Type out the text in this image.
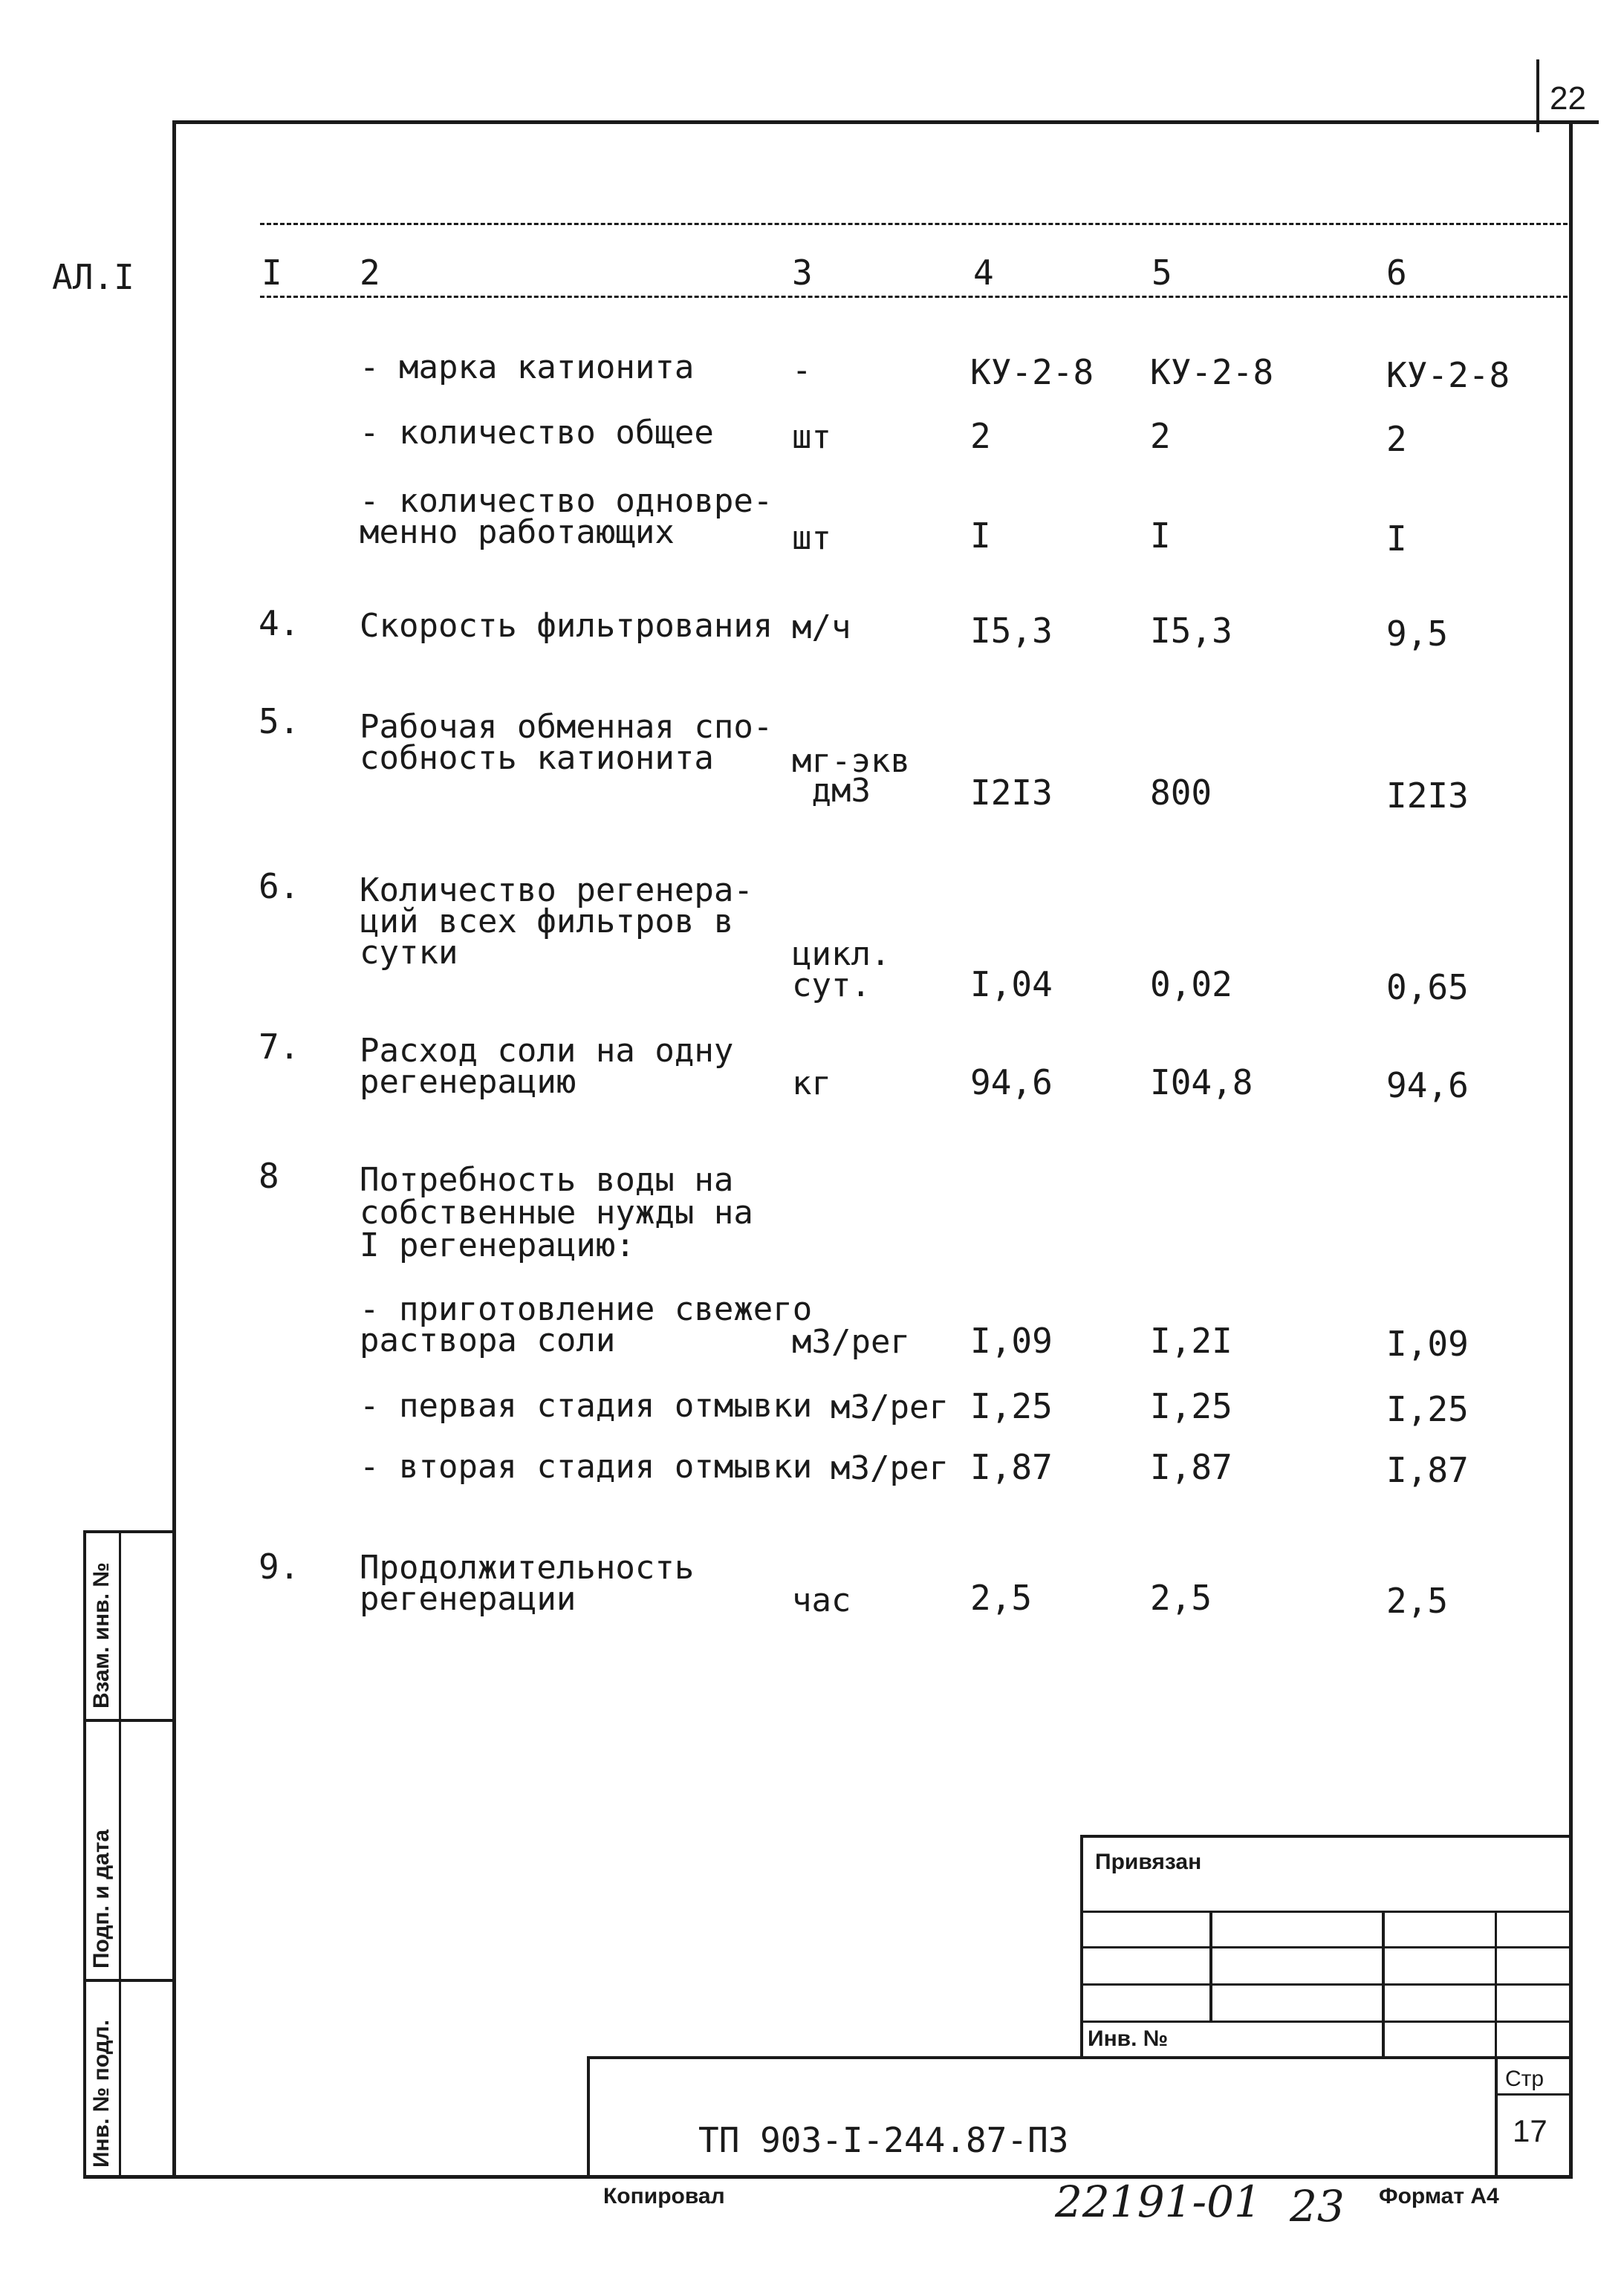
22
АЛ.I	I 2	3	4	5	6
- марка катионита	-	КУ-2-8 КУ-2-8	КУ-2-8
- количество общее шт	2	2	2
- количество одновре-
менно работающих	шт	I	I	I
4. Скорость фильтрования м/ч	I5,3	I5,3	9,5
5. Рабочая обменная спо-
собность катионита мг-экв
дм3	I2I3	800	I2I3
6. Количество регенера-
ций всех фильтров в
сутки	цикл.
сут.	I,04	0,02	0,65
7. Расход соли на одну
регенерацию	кг	94,6	I04,8	94,6
8 Потребность воды на
собственные нужды на
I регенерацию:
- приготовление свежего
раствора соли	м3/рег I,09	I,2I	I,09
- первая стадия отмывки м3/рег I,25	I,25	I,25
- вторая стадия отмывки м3/рег I,87	I,87	I,87
9. Продолжительность
регенерации	час	2,5	2,5	2,5
Взам. инв. №
Подп. и дата
Инв. № подл.
Привязан
Инв. №
ТП 903-I-244.87-ПЗ
Стр
17
Копировал	22191-01 23 Формат А4
